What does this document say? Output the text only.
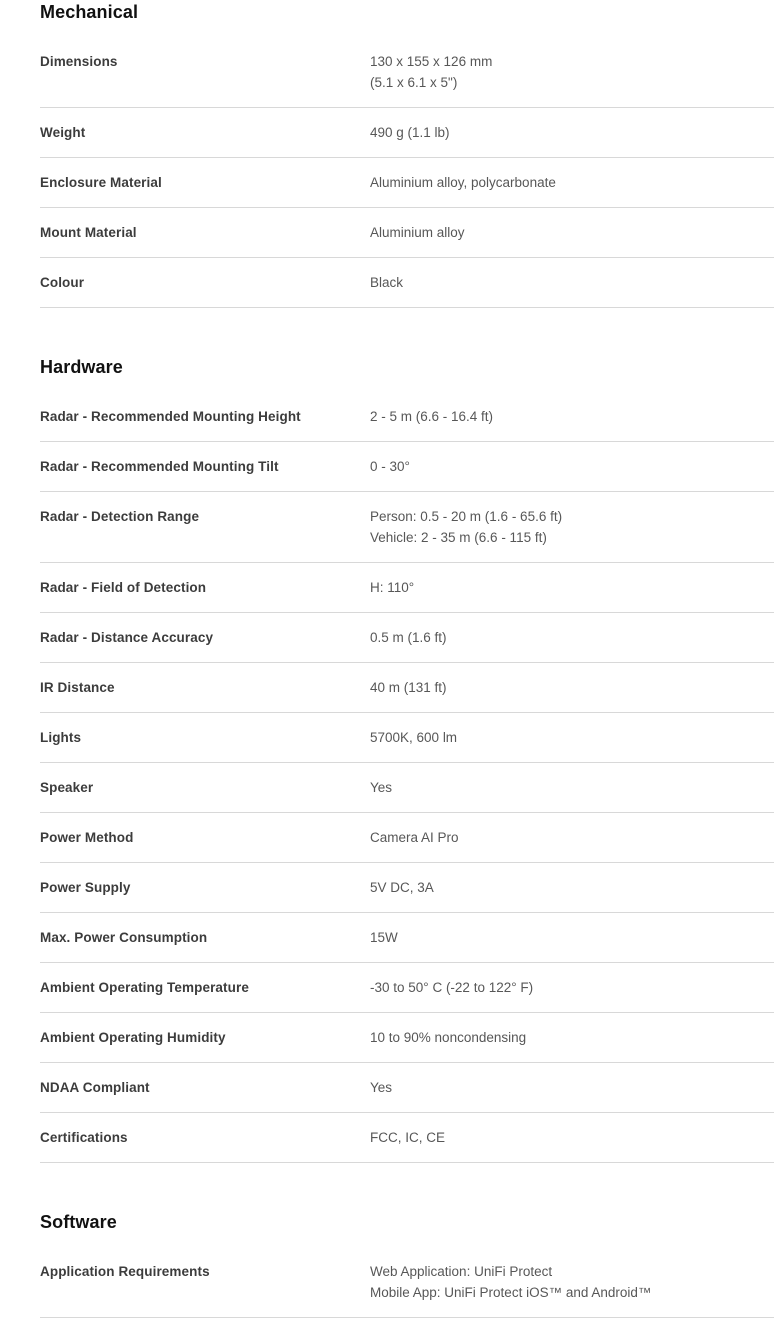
Mechanical
Dimensions	130 x 155 x 126 mm
(5.1 x 6.1 x 5")
Weight	490 g (1.1 lb)
Enclosure Material	Aluminium alloy, polycarbonate
Mount Material	Aluminium alloy
Colour	Black
Hardware
Radar - Recommended Mounting Height	2 - 5 m (6.6 - 16.4 ft)
Radar - Recommended Mounting Tilt	0 - 30°
Radar - Detection Range	Person: 0.5 - 20 m (1.6 - 65.6 ft)
Vehicle: 2 - 35 m (6.6 - 115 ft)
Radar - Field of Detection	H: 110°
Radar - Distance Accuracy	0.5 m (1.6 ft)
IR Distance	40 m (131 ft)
Lights	5700K, 600 lm
Speaker	Yes
Power Method	Camera AI Pro
Power Supply	5V DC, 3A
Max. Power Consumption	15W
Ambient Operating Temperature	-30 to 50° C (-22 to 122° F)
Ambient Operating Humidity	10 to 90% noncondensing
NDAA Compliant	Yes
Certifications	FCC, IC, CE
Software
Application Requirements	Web Application: UniFi Protect
Mobile App: UniFi Protect iOS™ and Android™
